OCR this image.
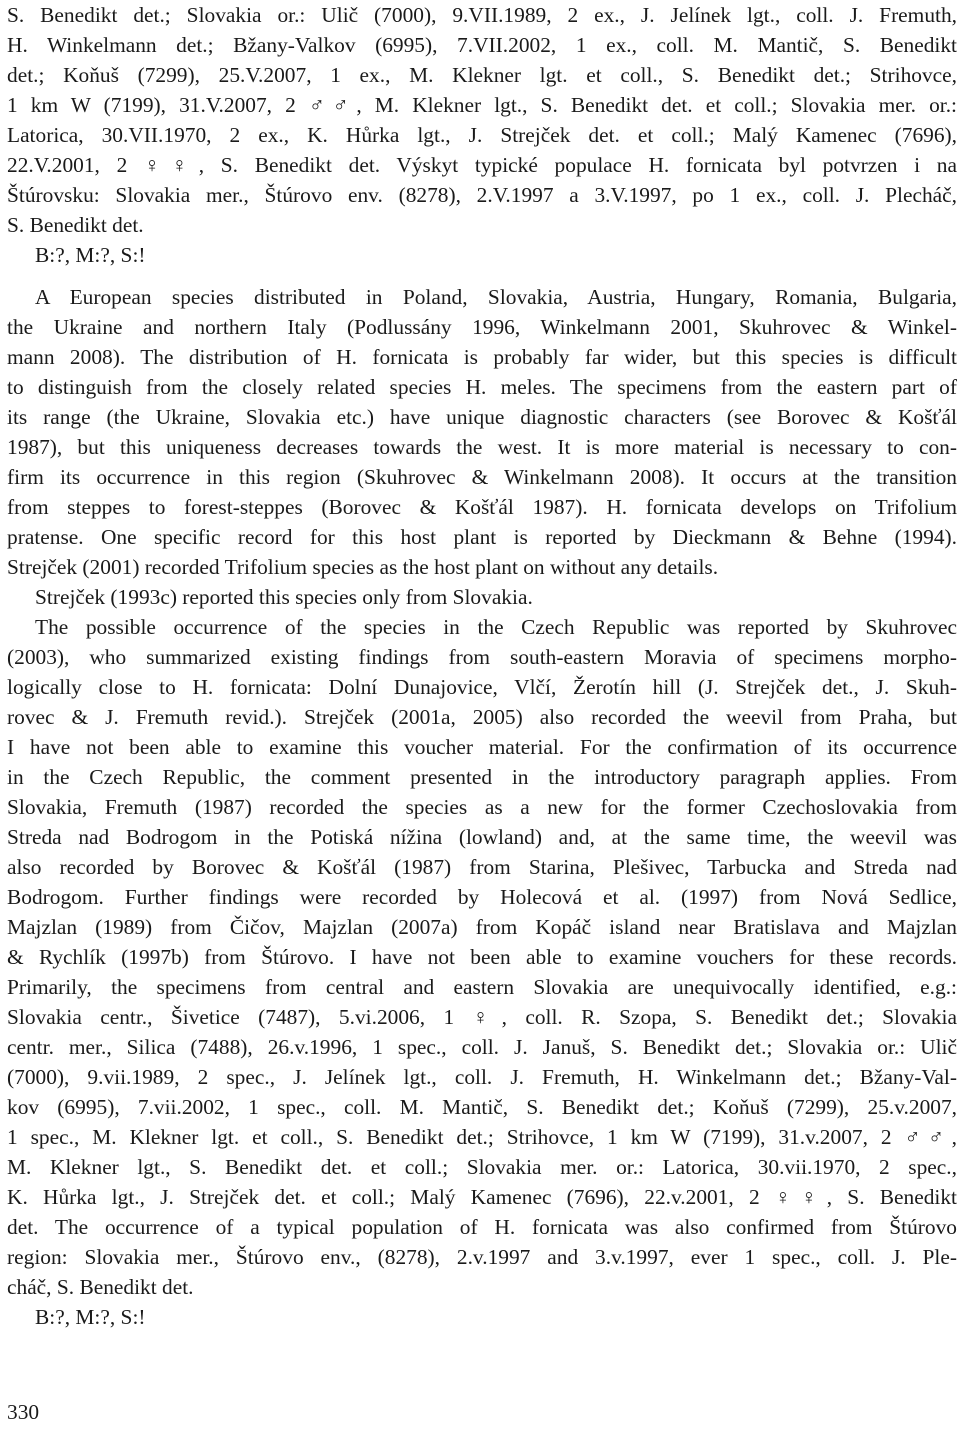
S. Benedikt det.; Slovakia or.: Ulič (7000), 9.VII.1989, 2 ex., J. Jelínek lgt., coll. J. Fremuth,
H. Winkelmann det.; Bžany-Valkov (6995), 7.VII.2002, 1 ex., coll. M. Mantič, S. Benedikt
det.; Koňuš (7299), 25.V.2007, 1 ex., M. Klekner lgt. et coll., S. Benedikt det.; Strihovce,
1 km W (7199), 31.V.2007, 2 ♂♂, M. Klekner lgt., S. Benedikt det. et coll.; Slovakia mer. or.:
Latorica, 30.VII.1970, 2 ex., K. Hůrka lgt., J. Strejček det. et coll.; Malý Kamenec (7696),
22.V.2001, 2 ♀♀, S. Benedikt det. Výskyt typické populace H. fornicata byl potvrzen i na
Štúrovsku: Slovakia mer., Štúrovo env. (8278), 2.V.1997 a 3.V.1997, po 1 ex., coll. J. Plecháč,
S. Benedikt det.
B:?, M:?, S:!
A European species distributed in Poland, Slovakia, Austria, Hungary, Romania, Bulgaria,
the Ukraine and northern Italy (Podlussány 1996, Winkelmann 2001, Skuhrovec & Winkel-
mann 2008). The distribution of H. fornicata is probably far wider, but this species is difficult
to distinguish from the closely related species H. meles. The specimens from the eastern part of
its range (the Ukraine, Slovakia etc.) have unique diagnostic characters (see Borovec & Košťál
1987), but this uniqueness decreases towards the west. It is more material is necessary to con-
firm its occurrence in this region (Skuhrovec & Winkelmann 2008). It occurs at the transition
from steppes to forest-steppes (Borovec & Košťál 1987). H. fornicata develops on Trifolium
pratense. One specific record for this host plant is reported by Dieckmann & Behne (1994).
Strejček (2001) recorded Trifolium species as the host plant on without any details.
Strejček (1993c) reported this species only from Slovakia.
The possible occurrence of the species in the Czech Republic was reported by Skuhrovec
(2003), who summarized existing findings from south-eastern Moravia of specimens morpho-
logically close to H. fornicata: Dolní Dunajovice, Vlčí, Žerotín hill (J. Strejček det., J. Skuh-
rovec & J. Fremuth revid.). Strejček (2001a, 2005) also recorded the weevil from Praha, but
I have not been able to examine this voucher material. For the confirmation of its occurrence
in the Czech Republic, the comment presented in the introductory paragraph applies. From
Slovakia, Fremuth (1987) recorded the species as a new for the former Czechoslovakia from
Streda nad Bodrogom in the Potiská nížina (lowland) and, at the same time, the weevil was
also recorded by Borovec & Košťál (1987) from Starina, Plešivec, Tarbucka and Streda nad
Bodrogom. Further findings were recorded by Holecová et al. (1997) from Nová Sedlice,
Majzlan (1989) from Čičov, Majzlan (2007a) from Kopáč island near Bratislava and Majzlan
& Rychlík (1997b) from Štúrovo. I have not been able to examine vouchers for these records.
Primarily, the specimens from central and eastern Slovakia are unequivocally identified, e.g.:
Slovakia centr., Šivetice (7487), 5.vi.2006, 1 ♀, coll. R. Szopa, S. Benedikt det.; Slovakia
centr. mer., Silica (7488), 26.v.1996, 1 spec., coll. J. Januš, S. Benedikt det.; Slovakia or.: Ulič
(7000), 9.vii.1989, 2 spec., J. Jelínek lgt., coll. J. Fremuth, H. Winkelmann det.; Bžany-Val-
kov (6995), 7.vii.2002, 1 spec., coll. M. Mantič, S. Benedikt det.; Koňuš (7299), 25.v.2007,
1 spec., M. Klekner lgt. et coll., S. Benedikt det.; Strihovce, 1 km W (7199), 31.v.2007, 2 ♂♂,
M. Klekner lgt., S. Benedikt det. et coll.; Slovakia mer. or.: Latorica, 30.vii.1970, 2 spec.,
K. Hůrka lgt., J. Strejček det. et coll.; Malý Kamenec (7696), 22.v.2001, 2 ♀♀, S. Benedikt
det. The occurrence of a typical population of H. fornicata was also confirmed from Štúrovo
region: Slovakia mer., Štúrovo env., (8278), 2.v.1997 and 3.v.1997, ever 1 spec., coll. J. Ple-
cháč, S. Benedikt det.
B:?, M:?, S:!
330
